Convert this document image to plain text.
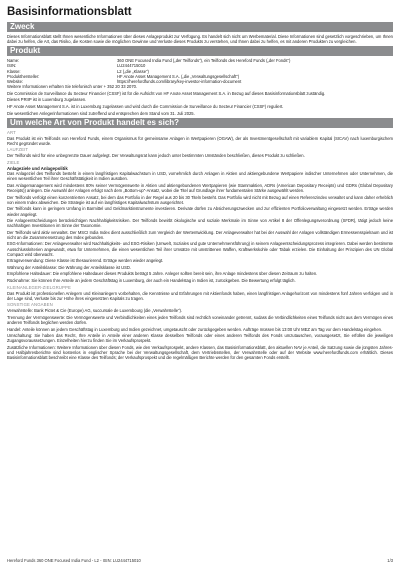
Basisinformationsblatt
Zweck

Dieses Informationsblatt stellt Ihnen wesentliche Informationen über dieses Anlageprodukt zur Verfügung. Es handelt sich nicht um Werbematerial. Diese Informationen sind gesetzlich vorgeschrieben, um Ihnen dabei zu helfen, die Art, das Risiko, die Kosten sowie die möglichen Gewinne und Verluste dieses Produkts zu verstehen, und Ihnen dabei zu helfen, es mit anderen Produkten zu vergleichen.

Produkt
Name:	360 ONE Focused India Fund („der Teilfonds"), ein Teilfonds des Hereford Funds („der Fonds")
ISIN:	LU2444715010
Klasse:	L2 („die „Klasse")
Produkthersteller:	HF Anote Asset Management S.A. („die „Verwaltungsgesellschaft")
Website:	https://herefordfunds.com/library/key-investor-information-document

Weitere Informationen erhalten Sie telefonisch unter + 352 20 33 2070.

Die Commission de Surveillance du Secteur Financier (CSSF) ist für die Aufsicht von HF Anote Asset Management S.A. in Bezug auf dieses Basisinformationsblatt zuständig.

Dieses PRIIP ist in Luxemburg zugelassen.

HF Anote Asset Management S.A. ist in Luxemburg zugelassen und wird durch die Commission de Surveillance du Secteur Financier (CSSF) reguliert.

Die wesentlichen Anlegerinformationen sind zutreffend und entsprechen dem Stand vom 31. Juli 2025.

Um welche Art von Produkt handelt es sich?
ART

Das Produkt ist ein Teilfonds von Hereford Funds, einem Organismus für gemeinsame Anlagen in Wertpapieren (OGAW), der als Investmentgesellschaft mit variablem Kapital (SICAV) nach luxemburgischem Recht gegründet wurde.

LAUFZEIT

Der Teilfonds wird für eine unbegrenzte Dauer aufgelegt. Der Verwaltungsrat kann jedoch unter bestimmten Umständen beschließen, dieses Produkt zu schließen.

ZIELE
Anlageziele und Anlagepolitik

Das Anlageziel des Teilfonds besteht in einem langfristigen Kapitalwachstum in USD, vornehmlich durch Anlagen in Aktien und aktiengebundene Wertpapiere indischer Unternehmen oder Unternehmen, die einen wesentlichen Teil ihrer Geschäftstätigkeit in Indien ausüben.

Das Anlagemanagement wird mindestens 80% seiner Vermögenswerte in Aktien und aktiengebundenen Wertpapieren (wie Stammaktien, ADRs (American Depositary Receipts) und GDRs (Global Depositary Receipts)) anlegen. Die Auswahl der Anlagen erfolgt nach dem „Bottom-up"-Ansatz, wobei die Titel auf Grundlage ihrer fundamentalen Stärke ausgewählt werden.

Der Teilfonds verfolgt einen konzentrierten Ansatz, bei dem das Portfolio in der Regel aus 20 bis 30 Titeln besteht. Das Portfolio wird nicht mit Bezug auf einen Referenzindex verwaltet und kann daher erheblich von einem Index abweichen. Die Strategie ist auf ein langfristiges Kapitalwachstum ausgerichtet.

Der Teilfonds kann in geringem Umfang in Barmittel und Geldmarktinstrumente investieren. Derivate dürfen zu Absicherungszwecken und zur effizienten Portfolioverwaltung eingesetzt werden. Erträge werden wieder angelegt.

Die Anlageentscheidungen berücksichtigen Nachhaltigkeitsrisiken. Der Teilfonds bewirbt ökologische und soziale Merkmale im Sinne von Artikel 8 der Offenlegungsverordnung (SFDR), tätigt jedoch keine nachhaltigen Investitionen im Sinne der Taxonomie.

Der Teilfonds wird aktiv verwaltet. Der MSCI India Index dient ausschließlich zum Vergleich der Wertentwicklung. Der Anlageverwalter hat bei der Auswahl der Anlagen vollständigen Ermessensspielraum und ist nicht an die Zusammensetzung des Index gebunden.

ESG-Informationen: Der Anlageverwalter wird Nachhaltigkeits- und ESG-Risiken (Umwelt, Soziales und gute Unternehmensführung) in seinem Anlageentscheidungsprozess integrieren. Dabei werden bestimmte Ausschlusskriterien angewandt, etwa für Unternehmen, die einen wesentlichen Teil ihrer Umsätze mit umstrittenen Waffen, Kraftwerkskohle oder Tabak erzielen. Die Einhaltung der Prinzipien des UN Global Compact wird überwacht.

Ertragsverwendung: Diese Klasse ist thesaurierend. Erträge werden wieder angelegt.

Währung der Anteilsklasse: Die Währung der Anteilsklasse ist USD.

Empfohlene Haltedauer: Die empfohlene Haltedauer dieses Produkts beträgt 5 Jahre. Anleger sollten bereit sein, ihre Anlage mindestens über diesen Zeitraum zu halten.

Rücknahme: Sie können Ihre Anteile an jedem Geschäftstag in Luxemburg, der auch ein Handelstag in Indien ist, zurückgeben. Die Bewertung erfolgt täglich.

KLEINANLEGER-ZIELGRUPPE

Das Produkt ist professionellen Anlegern und Kleinanlegern vorbehalten, die Kenntnisse und Erfahrungen mit Aktienfonds haben, einen langfristigen Anlagehorizont von mindestens fünf Jahren verfolgen und in der Lage sind, Verluste bis zur Höhe ihres eingesetzten Kapitals zu tragen.

SONSTIGE ANGABEN

Verwahrstelle: Bank Pictet & Cie (Europe) AG, succursale de Luxembourg (die „Verwahrstelle").

Trennung der Vermögenswerte: Die Vermögenswerte und Verbindlichkeiten eines jeden Teilfonds sind rechtlich voneinander getrennt, sodass die Verbindlichkeiten eines Teilfonds nicht aus dem Vermögen eines anderen Teilfonds beglichen werden dürfen.

Handel: Anteile können an jedem Geschäftstag in Luxemburg und Indien gezeichnet, umgetauscht oder zurückgegeben werden. Aufträge müssen bis 13:00 Uhr MEZ am Tag vor dem Handelstag eingehen.

Umschaltung: Sie haben das Recht, Ihre Anteile in Anteile einer anderen Klasse desselben Teilfonds oder eines anderen Teilfonds des Fonds umzutauschen, vorausgesetzt, Sie erfüllen die jeweiligen Zugangsvoraussetzungen. Einzelheiten hierzu finden Sie im Verkaufsprospekt.

Zusätzliche Informationen: Weitere Informationen über diesen Fonds, wie den Verkaufsprospekt, andere Klassen, das Basisinformationsblatt, den aktuellen NAV je Anteil, die Satzung sowie die jüngsten Jahres- und Halbjahresberichte sind kostenlos in englischer Sprache bei der Verwaltungsgesellschaft, dem Vertriebsstellen, der Verwahrstelle oder auf der Website www.herefordfunds.com erhältlich. Dieses Basisinformationsblatt beschreibt eine Klasse des Teilfonds; der Verkaufsprospekt und die regelmäßigen Berichte werden für den gesamten Fonds erstellt.

Hereford Funds 360 ONE Focused India Fund - L2 - ISIN: LU2444715010	1/3
